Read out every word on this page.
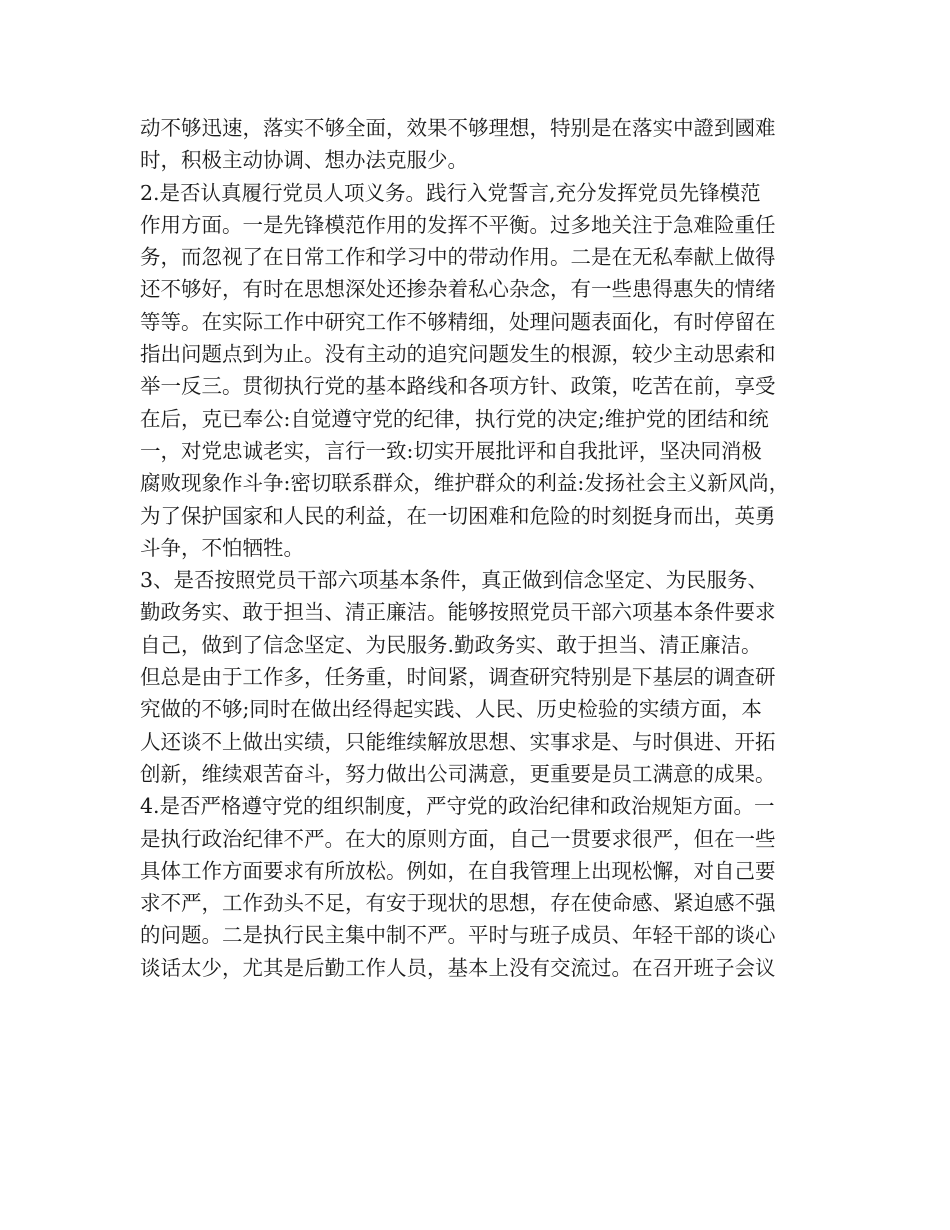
动不够迅速，落实不够全面，效果不够理想，特别是在落实中證到國难
时，积极主动协调、想办法克服少。
2.是否认真履行党员人项义务。践行入党誓言,充分发挥党员先锋模范
作用方面。一是先锋模范作用的发挥不平衡。过多地关注于急难险重任
务，而忽视了在日常工作和学习中的带动作用。二是在无私奉献上做得
还不够好，有时在思想深处还掺杂着私心杂念，有一些患得惠失的情绪
等等。在实际工作中研究工作不够精细，处理问题表面化，有时停留在
指出问题点到为止。没有主动的追究问题发生的根源，较少主动思索和
举一反三。贯彻执行党的基本路线和各项方针、政策，吃苦在前，享受
在后，克已奉公:自觉遵守党的纪律，执行党的决定;维护党的团结和统
一，对党忠诚老实，言行一致:切实开展批评和自我批评，坚决同消极
腐败现象作斗争:密切联系群众，维护群众的利益:发扬社会主义新风尚，
为了保护国家和人民的利益，在一切困难和危险的时刻挺身而出，英勇
斗争，不怕牺牲。
3、是否按照党员干部六项基本条件，真正做到信念坚定、为民服务、
勤政务实、敢于担当、清正廉洁。能够按照党员干部六项基本条件要求
自己，做到了信念坚定、为民服务.勤政务实、敢于担当、清正廉洁。
但总是由于工作多，任务重，时间紧，调查研究特别是下基层的调查研
究做的不够;同时在做出经得起实践、人民、历史检验的实绩方面，本
人还谈不上做出实绩，只能维续解放思想、实事求是、与时俱进、开拓
创新，维续艰苦奋斗，努力做出公司满意，更重要是员工满意的成果。
4.是否严格遵守党的组织制度，严守党的政治纪律和政治规矩方面。一
是执行政治纪律不严。在大的原则方面，自己一贯要求很严，但在一些
具体工作方面要求有所放松。例如，在自我管理上出现松懈，对自己要
求不严，工作劲头不足，有安于现状的思想，存在使命感、紧迫感不强
的问题。二是执行民主集中制不严。平时与班子成员、年轻干部的谈心
谈话太少，尤其是后勤工作人员，基本上没有交流过。在召开班子会议
